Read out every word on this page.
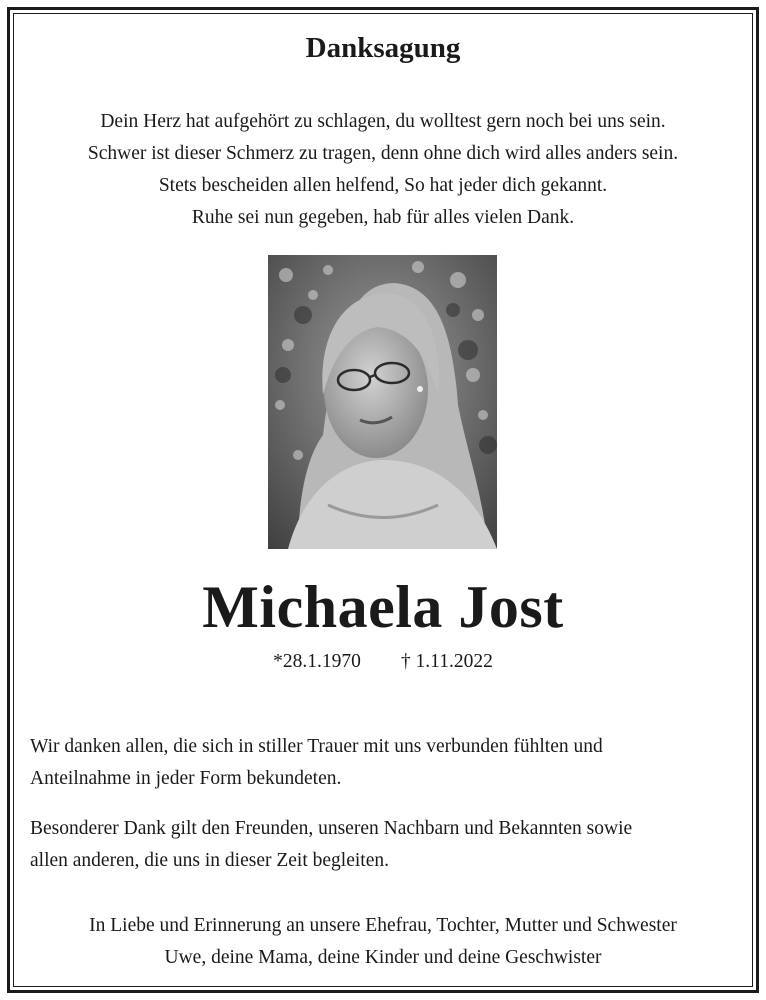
Danksagung
Dein Herz hat aufgehört zu schlagen, du wolltest gern noch bei uns sein.
Schwer ist dieser Schmerz zu tragen, denn ohne dich wird alles anders sein.
Stets bescheiden allen helfend, So hat jeder dich gekannt.
Ruhe sei nun gegeben, hab für alles vielen Dank.
Michaela Jost
*28.1.1970 † 1.11.2022
Wir danken allen, die sich in stiller Trauer mit uns verbunden fühlten und
Anteilnahme in jeder Form bekundeten.
Besonderer Dank gilt den Freunden, unseren Nachbarn und Bekannten sowie
allen anderen, die uns in dieser Zeit begleiten.
In Liebe und Erinnerung an unsere Ehefrau, Tochter, Mutter und Schwester
Uwe, deine Mama, deine Kinder und deine Geschwister
